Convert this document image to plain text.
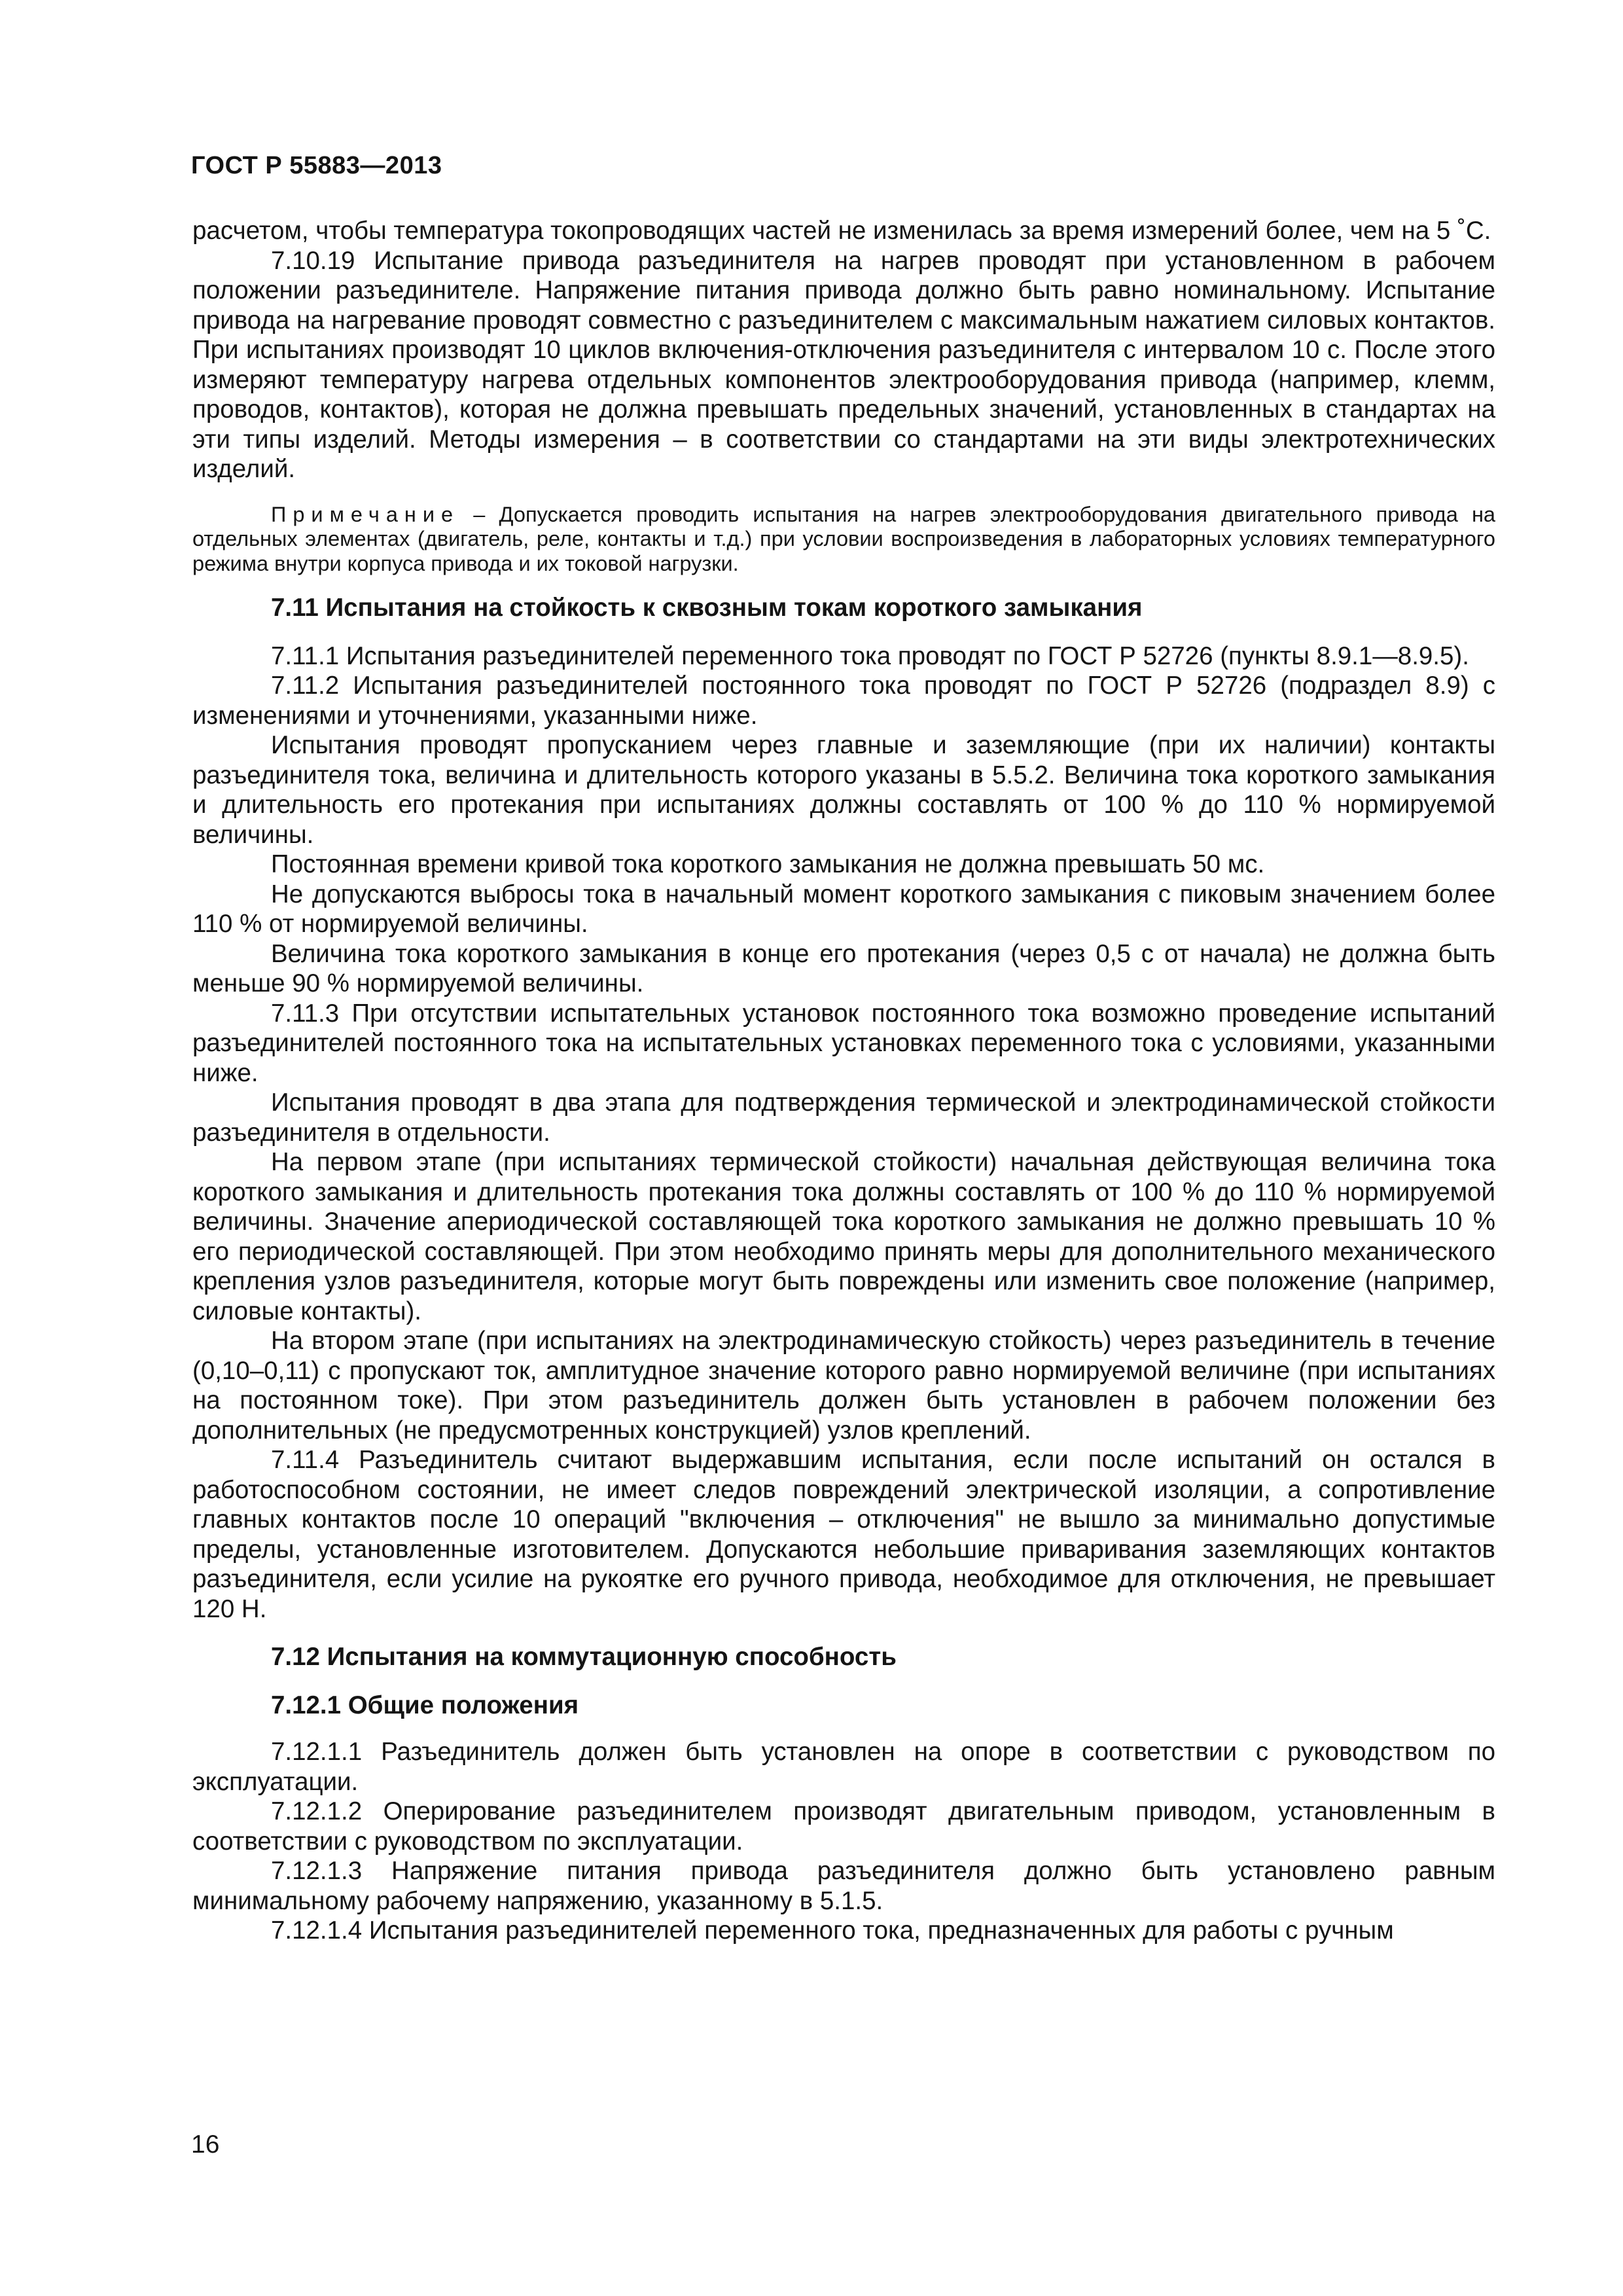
ГОСТ Р 55883—2013

расчетом, чтобы температура токопроводящих частей не изменилась за время измерений более, чем на 5 ˚С.

7.10.19 Испытание привода разъединителя на нагрев проводят при установленном в рабочем положении разъединителе. Напряжение питания привода должно быть равно номинальному. Испытание привода на нагревание проводят совместно с разъединителем с максимальным нажатием силовых контактов. При испытаниях производят 10 циклов включения-отключения разъединителя с интервалом 10 с. После этого измеряют температуру нагрева отдельных компонентов электрооборудования привода (например, клемм, проводов, контактов), которая не должна превышать предельных значений, установленных в стандартах на эти типы изделий. Методы измерения – в соответствии со стандартами на эти виды электротехнических изделий.

Примечание – Допускается проводить испытания на нагрев электрооборудования двигательного привода на отдельных элементах (двигатель, реле, контакты и т.д.) при условии воспроизведения в лабораторных условиях температурного режима внутри корпуса привода и их токовой нагрузки.

7.11 Испытания на стойкость к сквозным токам короткого замыкания

7.11.1 Испытания разъединителей переменного тока проводят по ГОСТ Р 52726 (пункты 8.9.1—8.9.5).

7.11.2 Испытания разъединителей постоянного тока проводят по ГОСТ Р 52726 (подраздел 8.9) с изменениями и уточнениями, указанными ниже.

Испытания проводят пропусканием через главные и заземляющие (при их наличии) контакты разъединителя тока, величина и длительность которого указаны в 5.5.2. Величина тока короткого замыкания и длительность его протекания при испытаниях должны составлять от 100 % до 110 % нормируемой величины.

Постоянная времени кривой тока короткого замыкания не должна превышать 50 мс.

Не допускаются выбросы тока в начальный момент короткого замыкания с пиковым значением более 110 % от нормируемой величины.

Величина тока короткого замыкания в конце его протекания (через 0,5 с от начала) не должна быть меньше 90 % нормируемой величины.

7.11.3 При отсутствии испытательных установок постоянного тока возможно проведение испытаний разъединителей постоянного тока на испытательных установках переменного тока с условиями, указанными ниже.

Испытания проводят в два этапа для подтверждения термической и электродинамической стойкости разъединителя в отдельности.

На первом этапе (при испытаниях термической стойкости) начальная действующая величина тока короткого замыкания и длительность протекания тока должны составлять от 100 % до 110 % нормируемой величины. Значение апериодической составляющей тока короткого замыкания не должно превышать 10 % его периодической составляющей. При этом необходимо принять меры для дополнительного механического крепления узлов разъединителя, которые могут быть повреждены или изменить свое положение (например, силовые контакты).

На втором этапе (при испытаниях на электродинамическую стойкость) через разъединитель в течение (0,10–0,11) с пропускают ток, амплитудное значение которого равно нормируемой величине (при испытаниях на постоянном токе). При этом разъединитель должен быть установлен в рабочем положении без дополнительных (не предусмотренных конструкцией) узлов креплений.

7.11.4 Разъединитель считают выдержавшим испытания, если после испытаний он остался в работоспособном состоянии, не имеет следов повреждений электрической изоляции, а сопротивление главных контактов после 10 операций "включения – отключения" не вышло за минимально допустимые пределы, установленные изготовителем. Допускаются небольшие приваривания заземляющих контактов разъединителя, если усилие на рукоятке его ручного привода, необходимое для отключения, не превышает 120 Н.

7.12 Испытания на коммутационную способность

7.12.1 Общие положения

7.12.1.1 Разъединитель должен быть установлен на опоре в соответствии с руководством по эксплуатации.

7.12.1.2 Оперирование разъединителем производят двигательным приводом, установленным в соответствии с руководством по эксплуатации.

7.12.1.3 Напряжение питания привода разъединителя должно быть установлено равным минимальному рабочему напряжению, указанному в 5.1.5.

7.12.1.4 Испытания разъединителей переменного тока, предназначенных для работы с ручным

16
